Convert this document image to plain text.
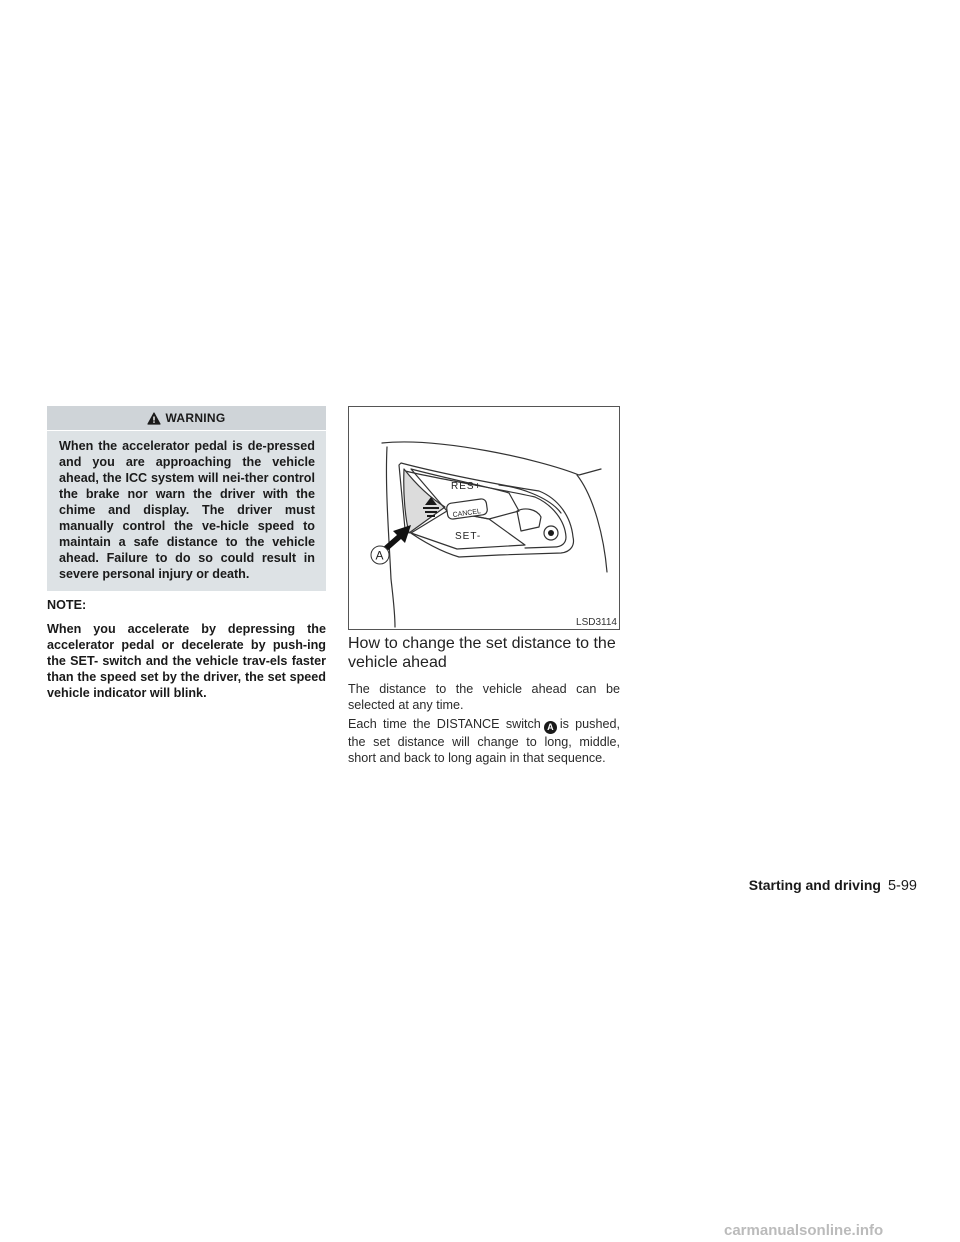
WARNING
When the accelerator pedal is de-pressed and you are approaching the vehicle ahead, the ICC system will nei-ther control the brake nor warn the driver with the chime and display. The driver must manually control the ve-hicle speed to maintain a safe distance to the vehicle ahead. Failure to do so could result in severe personal injury or death.
NOTE:
When you accelerate by depressing the accelerator pedal or decelerate by push-ing the SET- switch and the vehicle trav-els faster than the speed set by the driver, the set speed vehicle indicator will blink.
RES+
SET-
CANCEL
A
LSD3114
How to change the set distance to the vehicle ahead
The distance to the vehicle ahead can be selected at any time.
Each time the DISTANCE switch A is pushed, the set distance will change to long, middle, short and back to long again in that sequence.
Starting and driving 5-99
carmanualsonline.info
